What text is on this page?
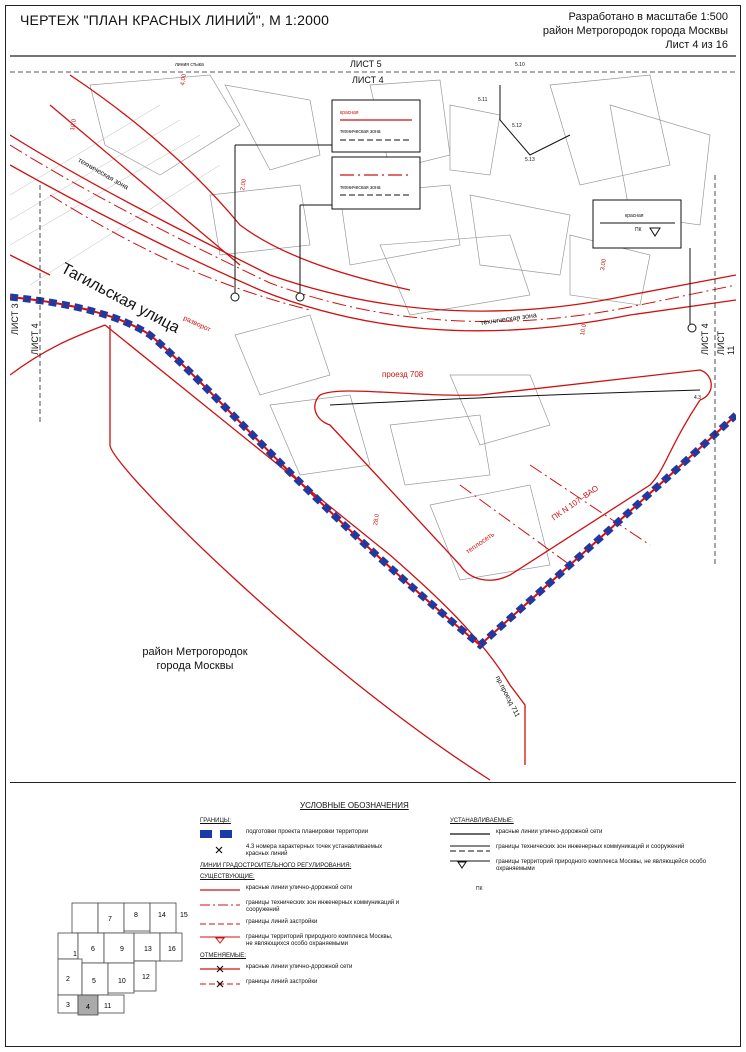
ЧЕРТЕЖ "ПЛАН КРАСНЫХ ЛИНИЙ", М 1:2000	Разработано в масштабе 1:500
район Метрогородок города Москвы
Лист 4 из 16
ЛИСТ 5
ЛИСТ 4
линия стыка
ЛИСТ 3
ЛИСТ 4	ЛИСТ 4 ЛИСТ 11
Тагильская улица
техническая зона
техническая зона
проезд 708
пр.проезд 711
разворот
ПК N 107–ВАО
теплосеть
район Метрогородок
города Москвы
красная
техническая зона
техническая зона
красная
ПК
5.11
5.12
5.13
5.10
4.3
10.0
4.00
2.00
3.00
10.0
28.0
УСЛОВНЫЕ ОБОЗНАЧЕНИЯ
ГРАНИЦЫ:
подготовки проекта планировки территории
4.3 номера характерных точек устанавливаемых красных линий
ЛИНИИ ГРАДОСТРОИТЕЛЬНОГО РЕГУЛИРОВАНИЯ:
СУЩЕСТВУЮЩИЕ:
красные линии улично-дорожной сети
границы технических зон инженерных коммуникаций и сооружений
границы линий застройки
границы территорий природного комплекса Москвы, не являющихся особо охраняемыми
ОТМЕНЯЕМЫЕ:
красные линии улично-дорожной сети
границы линий застройки
УСТАНАВЛИВАЕМЫЕ:
красные линии улично-дорожной сети
границы технических зон инженерных коммуникаций и сооружений
границы территорий природного комплекса Москвы, не являющейся особо охраняемыми
ПК
1
2
3 4
5
6
7
8
9
10
11
12
13
14 15
16
